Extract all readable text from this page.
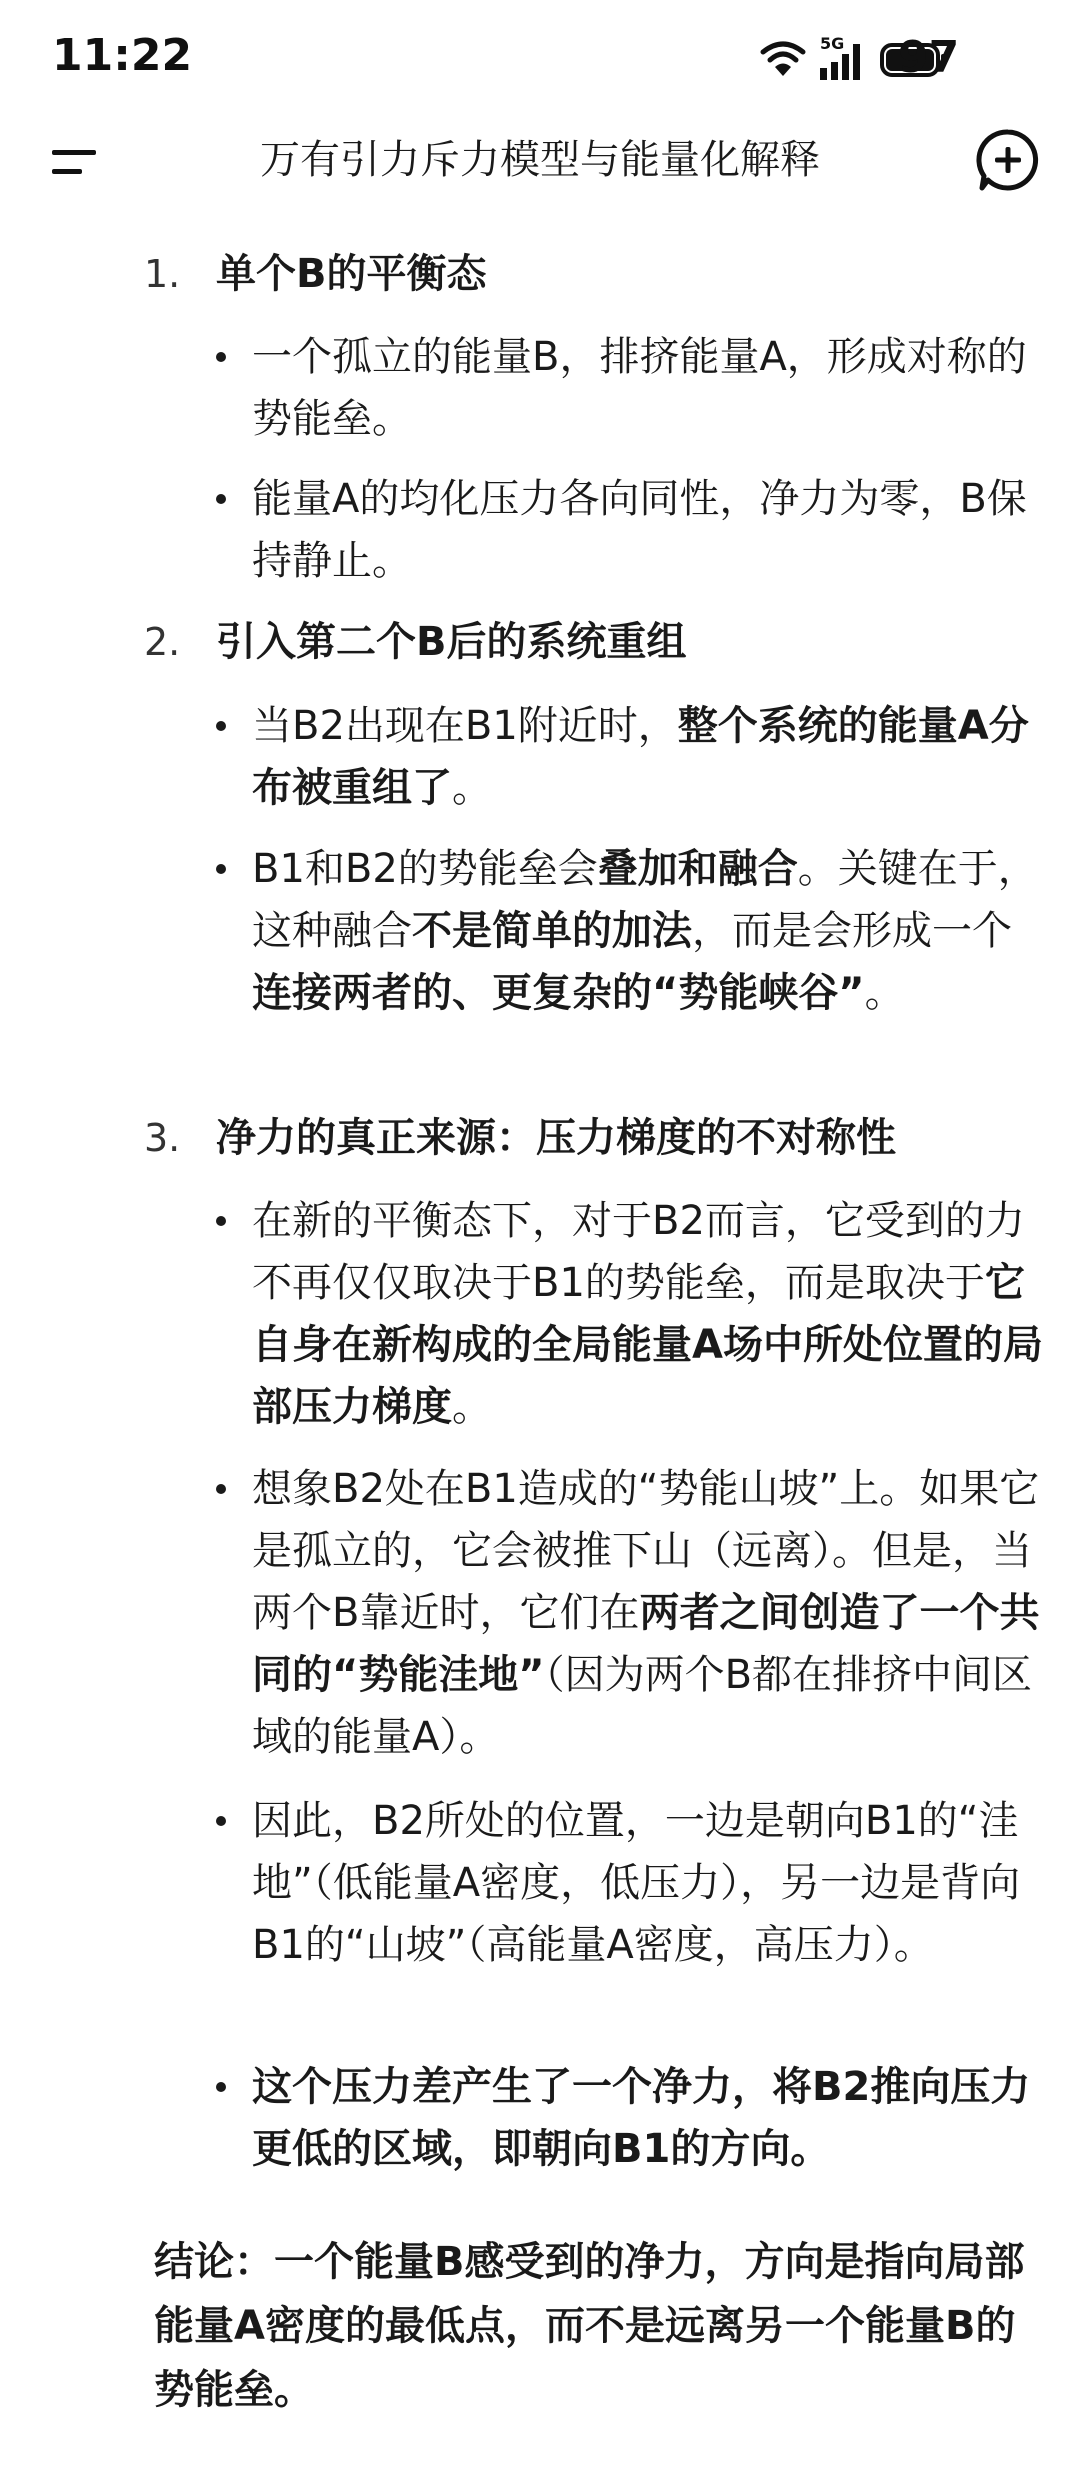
11:22	5G 97
万有引力斥力模型与能量化解释
1. 单个B的平衡态
一个孤立的能量B，排挤能量A，形成对称的势能垒。
能量A的均化压力各向同性，净力为零，B保持静止。
2. 引入第二个B后的系统重组
当B2出现在B1附近时，整个系统的能量A分布被重组了。
B1和B2的势能垒会叠加和融合。关键在于，这种融合不是简单的加法，而是会形成一个连接两者的、更复杂的“势能峡谷”。
3. 净力的真正来源：压力梯度的不对称性
在新的平衡态下，对于B2而言，它受到的力不再仅仅取决于B1的势能垒，而是取决于它自身在新构成的全局能量A场中所处位置的局部压力梯度。
想象B2处在B1造成的“势能山坡”上。如果它是孤立的，它会被推下山（远离）。但是，当两个B靠近时，它们在两者之间创造了一个共同的“势能洼地”（因为两个B都在排挤中间区域的能量A）。
因此，B2所处的位置，一边是朝向B1的“洼地”（低能量A密度，低压力），另一边是背向B1的“山坡”（高能量A密度，高压力）。
这个压力差产生了一个净力，将B2推向压力更低的区域，即朝向B1的方向。
结论：一个能量B感受到的净力，方向是指向局部能量A密度的最低点，而不是远离另一个能量B的势能垒。
